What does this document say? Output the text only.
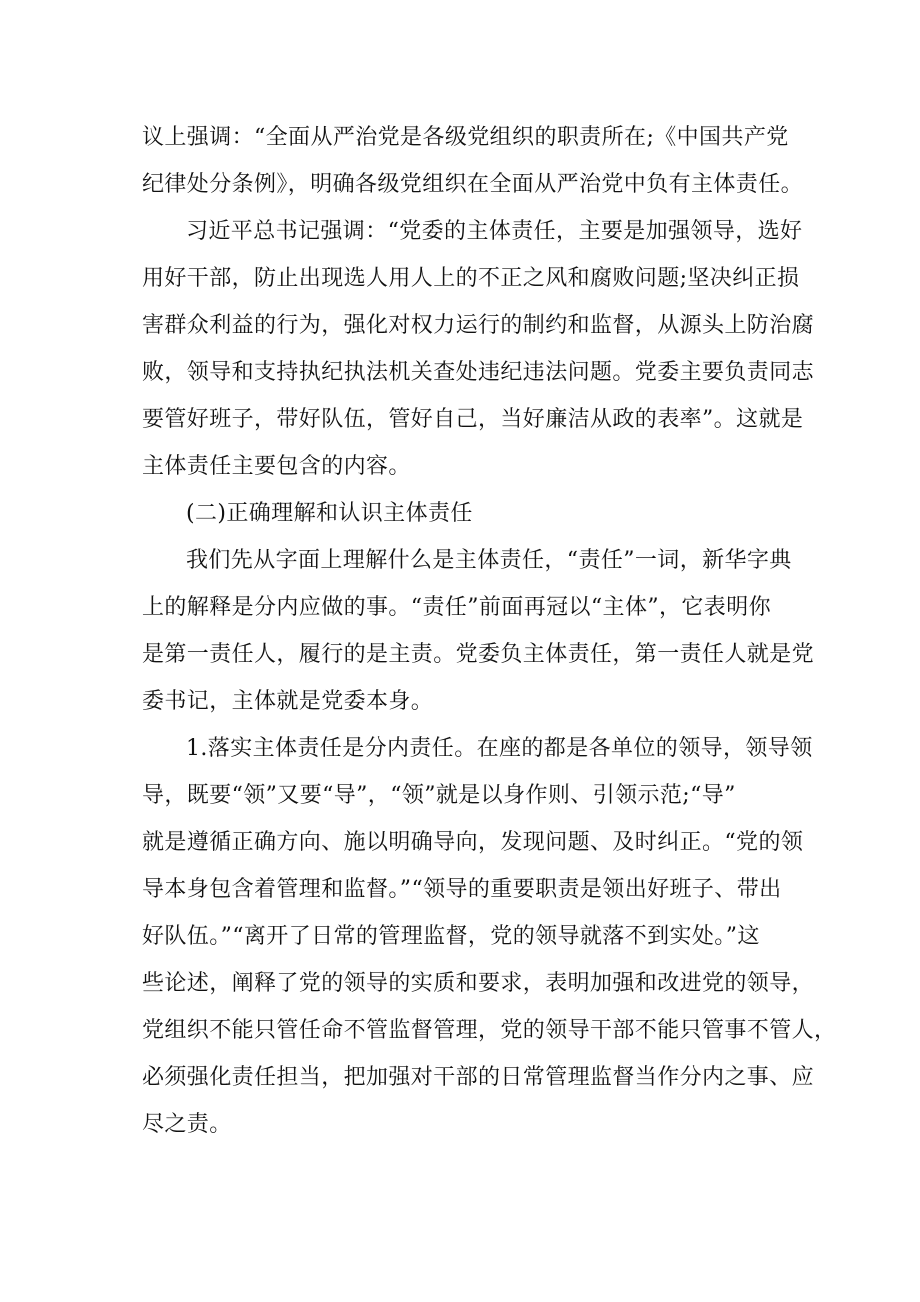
议上强调：“全面从严治党是各级党组织的职责所在;《中国共产党
纪律处分条例》，明确各级党组织在全面从严治党中负有主体责任。
习近平总书记强调：“党委的主体责任，主要是加强领导，选好
用好干部，防止出现选人用人上的不正之风和腐败问题;坚决纠正损
害群众利益的行为，强化对权力运行的制约和监督，从源头上防治腐
败，领导和支持执纪执法机关查处违纪违法问题。党委主要负责同志
要管好班子，带好队伍，管好自己，当好廉洁从政的表率”。这就是
主体责任主要包含的内容。
(二)正确理解和认识主体责任
我们先从字面上理解什么是主体责任，“责任”一词，新华字典
上的解释是分内应做的事。“责任”前面再冠以“主体”，它表明你
是第一责任人，履行的是主责。党委负主体责任，第一责任人就是党
委书记，主体就是党委本身。
1.落实主体责任是分内责任。在座的都是各单位的领导，领导领
导，既要“领”又要“导”，“领”就是以身作则、引领示范;“导”
就是遵循正确方向、施以明确导向，发现问题、及时纠正。“党的领
导本身包含着管理和监督。”“领导的重要职责是领出好班子、带出
好队伍。”“离开了日常的管理监督，党的领导就落不到实处。”这
些论述，阐释了党的领导的实质和要求，表明加强和改进党的领导，
党组织不能只管任命不管监督管理，党的领导干部不能只管事不管人，
必须强化责任担当，把加强对干部的日常管理监督当作分内之事、应
尽之责。
